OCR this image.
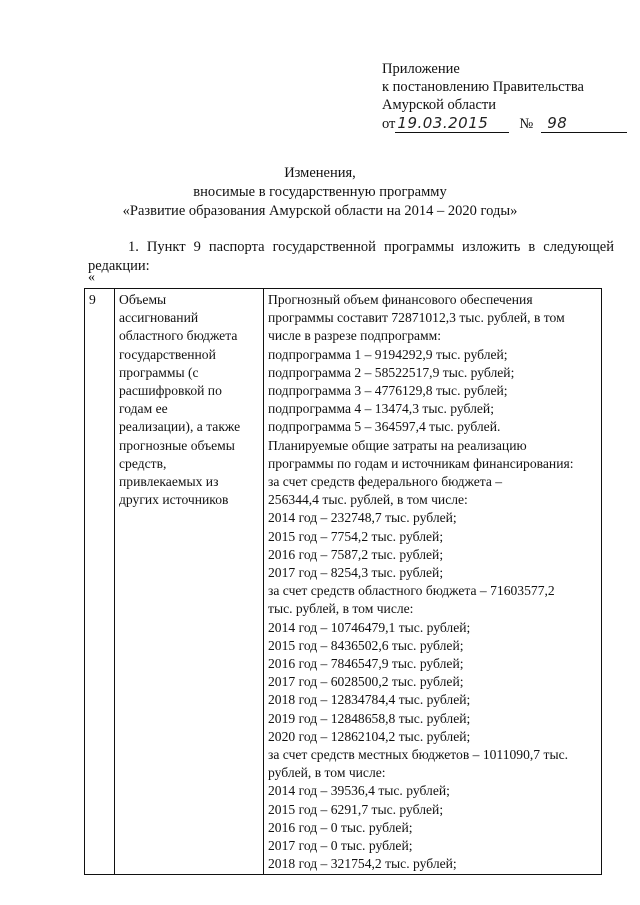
Приложение
к постановлению Правительства
Амурской области
от 19.03.2015 № 98
Изменения,
вносимые в государственную программу
«Развитие образования Амурской области на 2014 – 2020 годы»
1. Пункт 9 паспорта государственной программы изложить в следующей редакции:
«
9	Объемы
ассигнований
областного бюджета
государственной
программы (с
расшифровкой по
годам ее
реализации), а также
прогнозные объемы
средств,
привлекаемых из
других источников

Прогнозный объем финансового обеспечения
программы составит 72871012,3 тыс. рублей, в том
числе в разрезе подпрограмм:
подпрограмма 1 – 9194292,9 тыс. рублей;
подпрограмма 2 – 58522517,9 тыс. рублей;
подпрограмма 3 – 4776129,8 тыс. рублей;
подпрограмма 4 – 13474,3 тыс. рублей;
подпрограмма 5 – 364597,4 тыс. рублей.
Планируемые общие затраты на реализацию
программы по годам и источникам финансирования:
за счет средств федерального бюджета –
256344,4 тыс. рублей, в том числе:
2014 год – 232748,7 тыс. рублей;
2015 год – 7754,2 тыс. рублей;
2016 год – 7587,2 тыс. рублей;
2017 год – 8254,3 тыс. рублей;
за счет средств областного бюджета – 71603577,2
тыс. рублей, в том числе:
2014 год – 10746479,1 тыс. рублей;
2015 год – 8436502,6 тыс. рублей;
2016 год – 7846547,9 тыс. рублей;
2017 год – 6028500,2 тыс. рублей;
2018 год – 12834784,4 тыс. рублей;
2019 год – 12848658,8 тыс. рублей;
2020 год – 12862104,2 тыс. рублей;
за счет средств местных бюджетов – 1011090,7 тыс.
рублей, в том числе:
2014 год – 39536,4 тыс. рублей;
2015 год – 6291,7 тыс. рублей;
2016 год – 0 тыс. рублей;
2017 год – 0 тыс. рублей;
2018 год – 321754,2 тыс. рублей;
